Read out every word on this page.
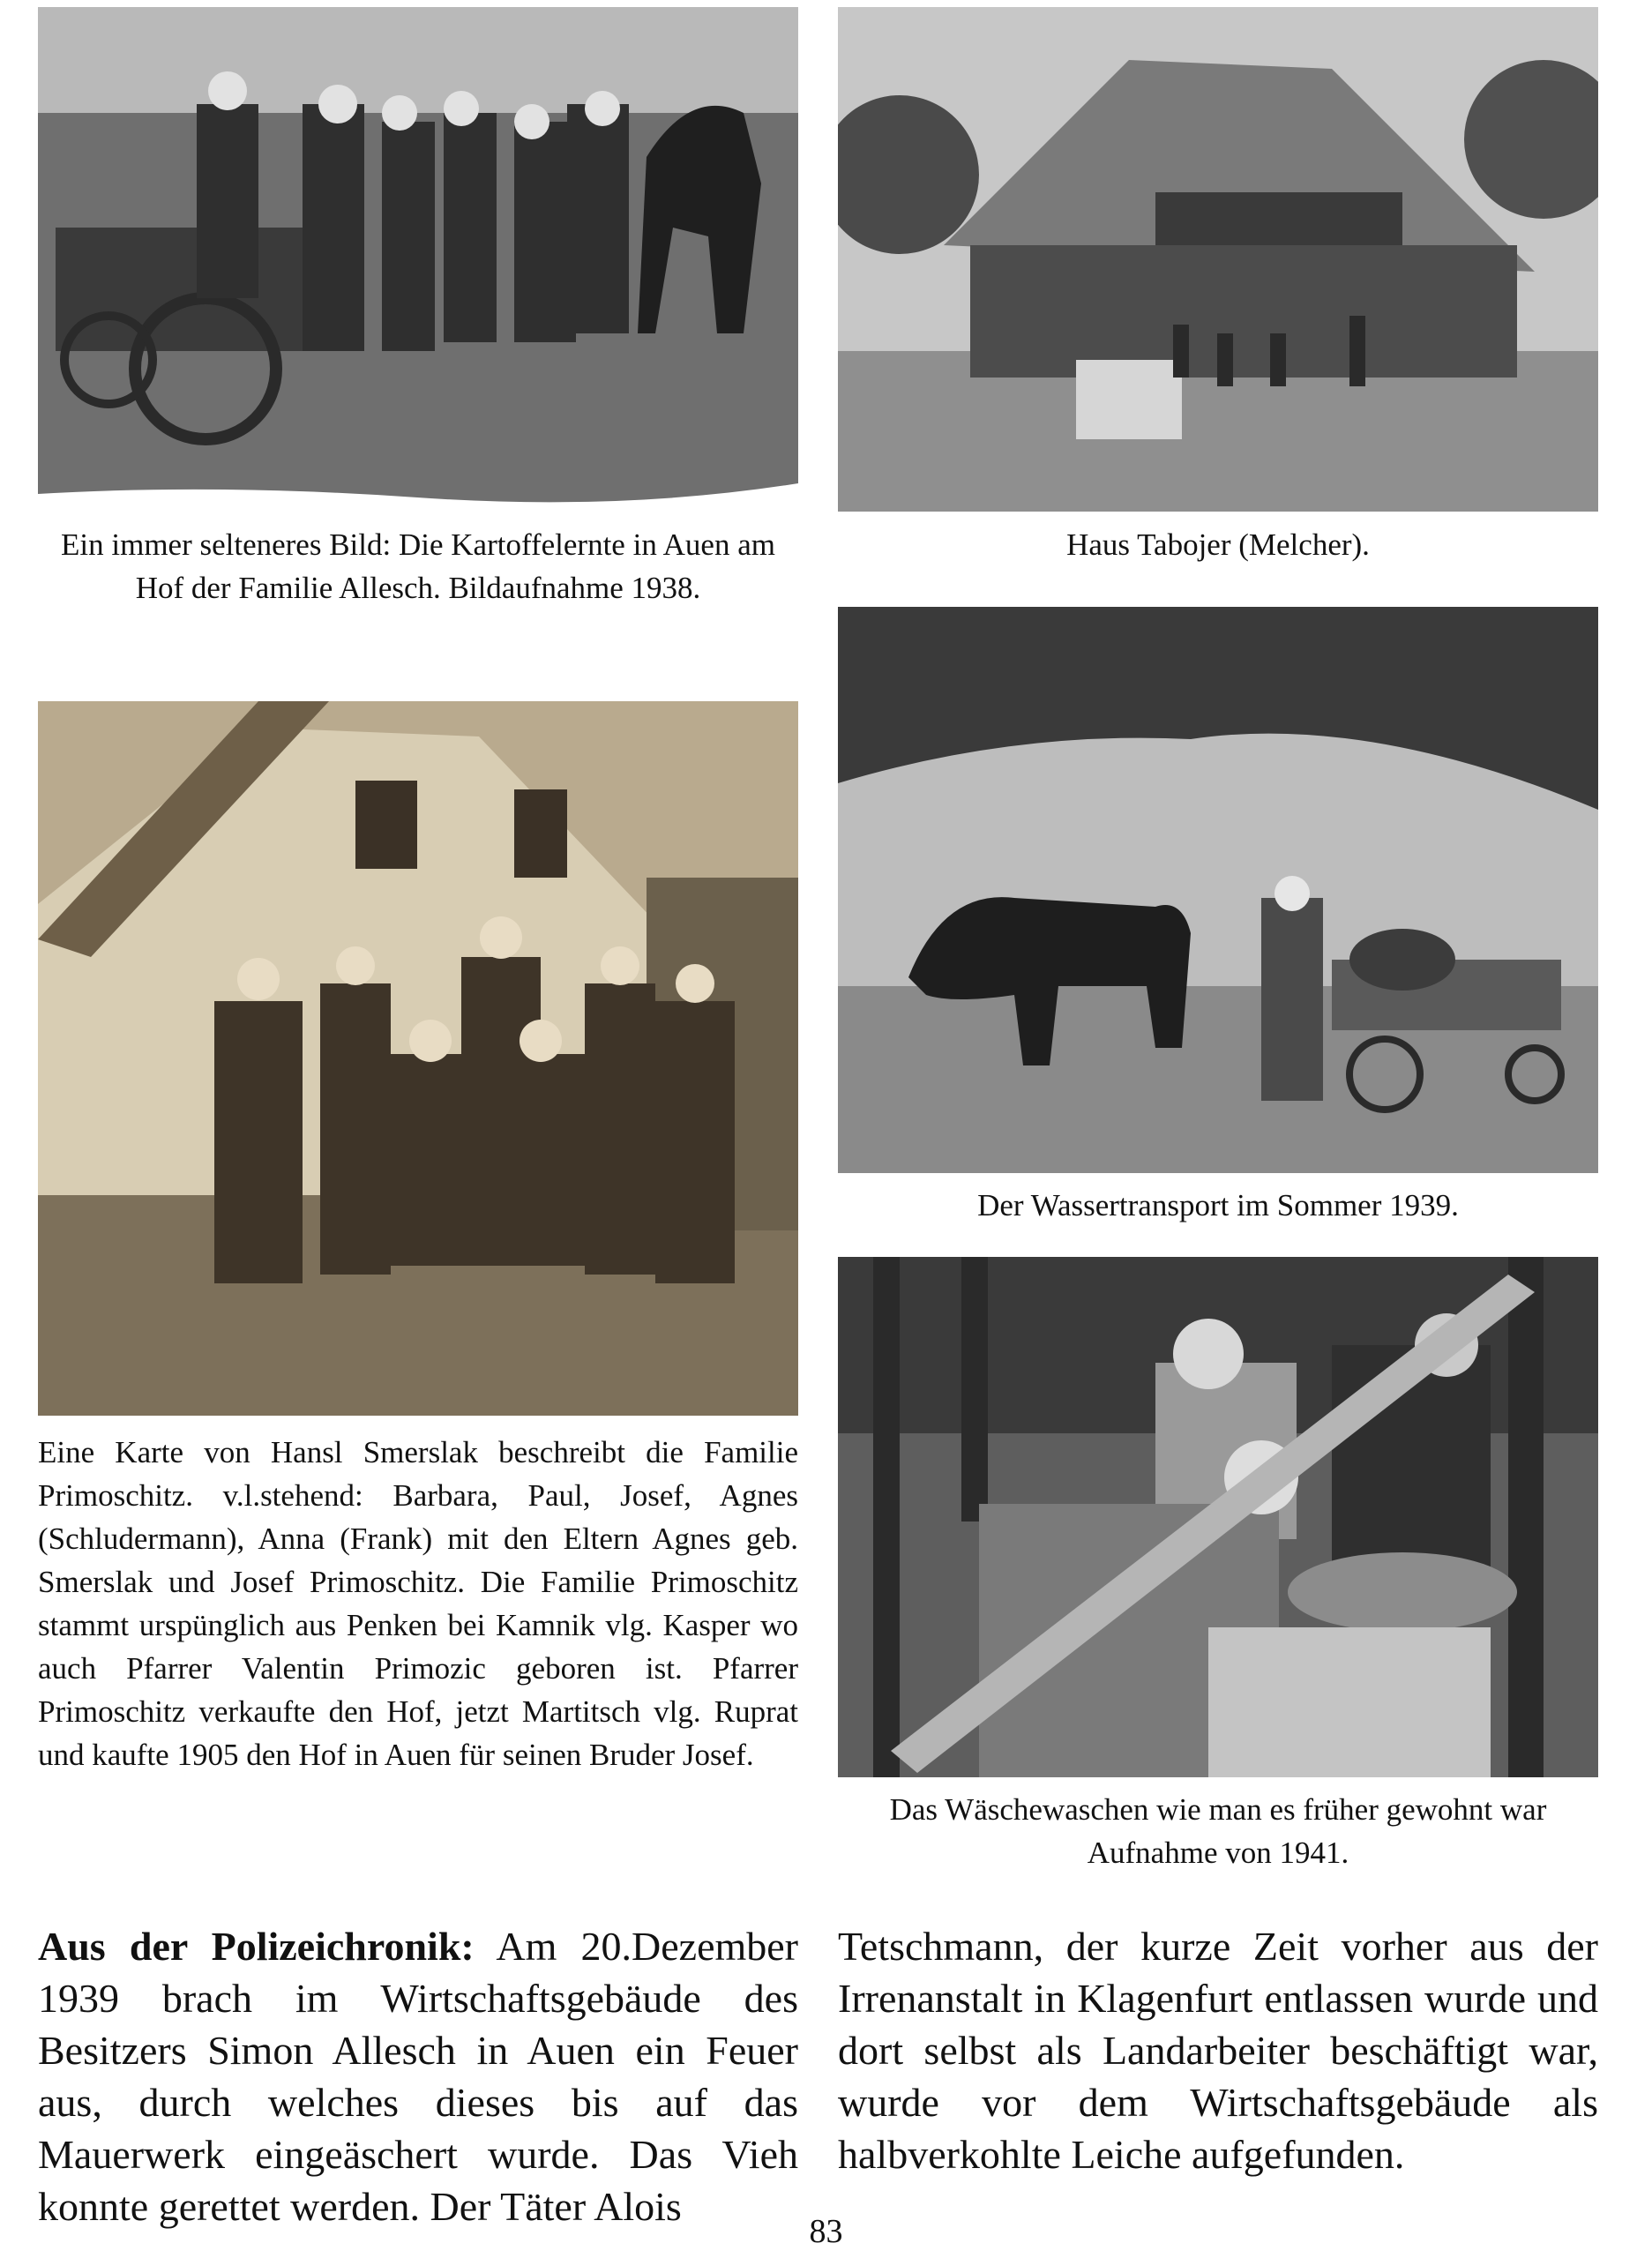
Ein immer selteneres Bild: Die Kartoffelernte in Auen am Hof der Familie Allesch. Bildaufnahme 1938.
Haus Tabojer (Melcher).
Eine Karte von Hansl Smerslak beschreibt die Familie Primoschitz. v.l.stehend: Barbara, Paul, Josef, Agnes (Schludermann), Anna (Frank) mit den Eltern Agnes geb. Smerslak und Josef Primoschitz. Die Familie Primoschitz stammt urspünglich aus Penken bei Kamnik vlg. Kasper wo auch Pfarrer Valentin Primozic geboren ist. Pfarrer Primoschitz verkaufte den Hof, jetzt Martitsch vlg. Ruprat und kaufte 1905 den Hof in Auen für seinen Bruder Josef.
Der Wassertransport im Sommer 1939.
Das Wäschewaschen wie man es früher gewohnt war Aufnahme von 1941.
Aus der Polizeichronik: Am 20.Dezember 1939 brach im Wirtschaftsgebäude des Besitzers Simon Allesch in Auen ein Feuer aus, durch welches dieses bis auf das Mauerwerk eingeäschert wurde. Das Vieh konnte gerettet werden. Der Täter Alois
Tetschmann, der kurze Zeit vorher aus der Irrenanstalt in Klagenfurt entlassen wurde und dort selbst als Landarbeiter beschäftigt war, wurde vor dem Wirtschaftsgebäude als halbverkohlte Leiche aufgefunden.
83
